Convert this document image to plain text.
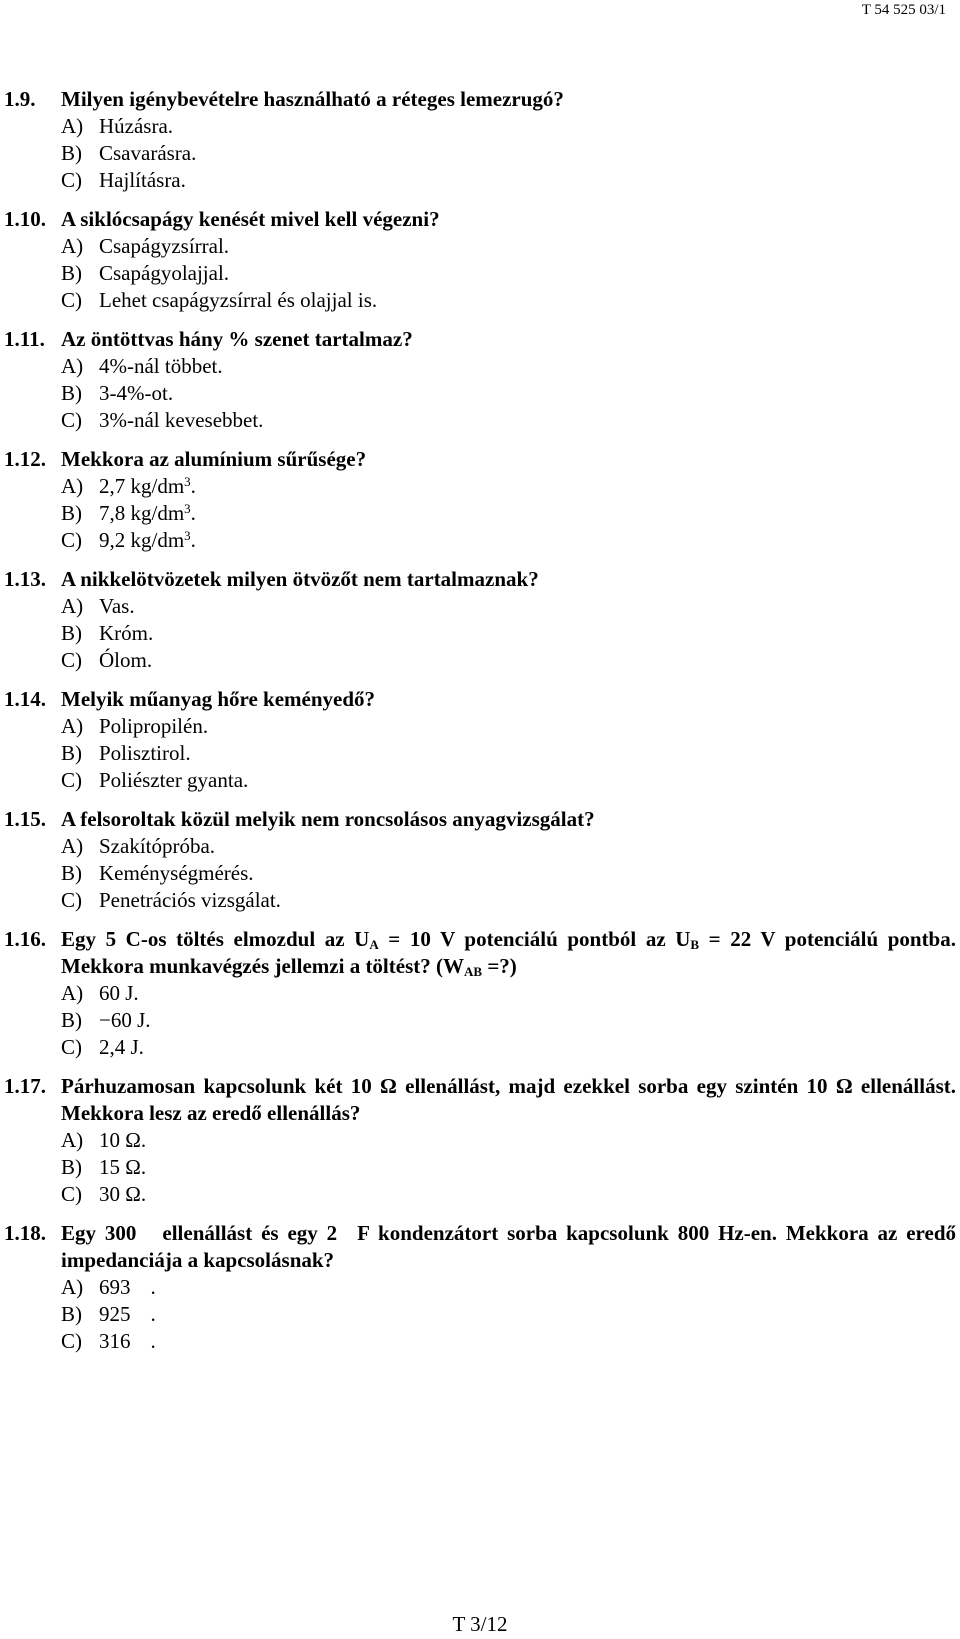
T 54 525 03/1
1.9. Milyen igénybevételre használható a réteges lemezrugó?
A) Húzásra.
B) Csavarásra.
C) Hajlításra.
1.10. A siklócsapágy kenését mivel kell végezni?
A) Csapágyzsírral.
B) Csapágyolajjal.
C) Lehet csapágyzsírral és olajjal is.
1.11. Az öntöttvas hány % szenet tartalmaz?
A) 4%-nál többet.
B) 3-4%-ot.
C) 3%-nál kevesebbet.
1.12. Mekkora az alumínium sűrűsége?
A) 2,7 $kg/dm^3$.
B) 7,8 $kg/dm^3$.
C) 9,2 $kg/dm^3$.
1.13. A nikkelötvözetek milyen ötvözőt nem tartalmaznak?
A) Vas.
B) Króm.
C) Ólom.
1.14. Melyik műanyag hőre keményedő?
A) Polipropilén.
B) Polisztirol.
C) Poliészter gyanta.
1.15. A felsoroltak közül melyik nem roncsolásos anyagvizsgálat?
A) Szakítópróba.
B) Keménységmérés.
C) Penetrációs vizsgálat.
1.16. Egy 5 C-os töltés elmozdul az $U_A = 10$ V potenciálú pontból az $U_B = 22$ V potenciálú pontba. Mekkora munkavégzés jellemzi a töltést? ($W_{AB}$ =?)
A) 60 J.
B) −60 J.
C) 2,4 J.
1.17. Párhuzamosan kapcsolunk két 10 Ω ellenállást, majd ezekkel sorba egy szintén 10 Ω ellenállást. Mekkora lesz az eredő ellenállás?
A) 10 Ω.
B) 15 Ω.
C) 30 Ω.
1.18. Egy 300 ellenállást és egy 2 F kondenzátort sorba kapcsolunk 800 Hz-en. Mekkora az eredő impedanciája a kapcsolásnak?
A) 693 .
B) 925 .
C) 316 .
T 3/12
